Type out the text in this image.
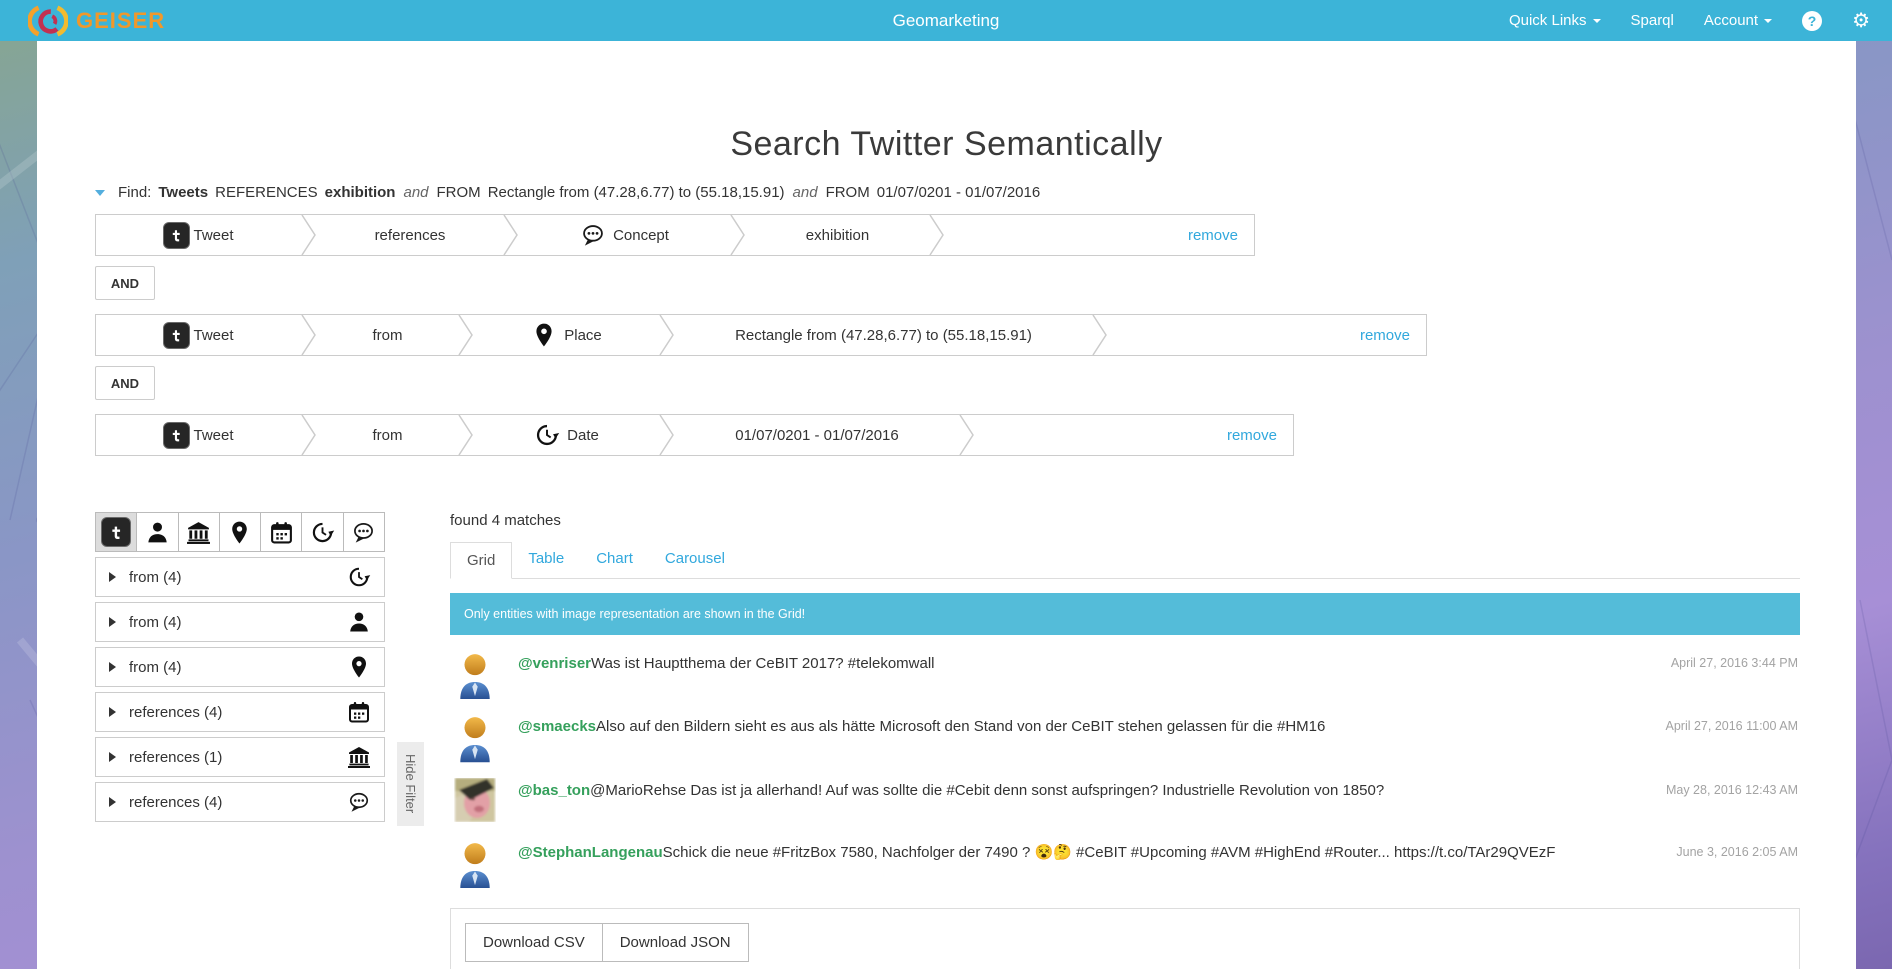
GEISER	Geomarketing	Quick Links	Sparql Account	? ⚙
Search Twitter Semantically
Find: Tweets REFERENCES exhibition and FROM Rectangle from (47.28,6.77) to (55.18,15.91) and FROM 01/07/0201 - 01/07/2016
Tweet	references	Concept	exhibition	remove
AND
Tweet	from	Place	Rectangle from (47.28,6.77) to (55.18,15.91)	remove
AND
Tweet	from	Date	01/07/0201 - 01/07/2016	remove
from (4)
from (4)
from (4)
references (4)
references (1)
references (4)	Hide Filter
found 4 matches
Grid	Table	Chart	Carousel
Only entities with image representation are shown in the Grid!
@venriserWas ist Hauptthema der CeBIT 2017? #telekomwall	April 27, 2016 3:44 PM
@smaecksAlso auf den Bildern sieht es aus als hätte Microsoft den Stand von der CeBIT stehen gelassen für die #HM16	April 27, 2016 11:00 AM
@bas_ton@MarioRehse Das ist ja allerhand! Auf was sollte die #Cebit denn sonst aufspringen? Industrielle Revolution von 1850?	May 28, 2016 12:43 AM
@StephanLangenauSchick die neue #FritzBox 7580, Nachfolger der 7490 ? 😵🤔 #CeBIT #Upcoming #AVM #HighEnd #Router... https://t.co/TAr29QVEzF	June 3, 2016 2:05 AM
Download CSV	Download JSON
